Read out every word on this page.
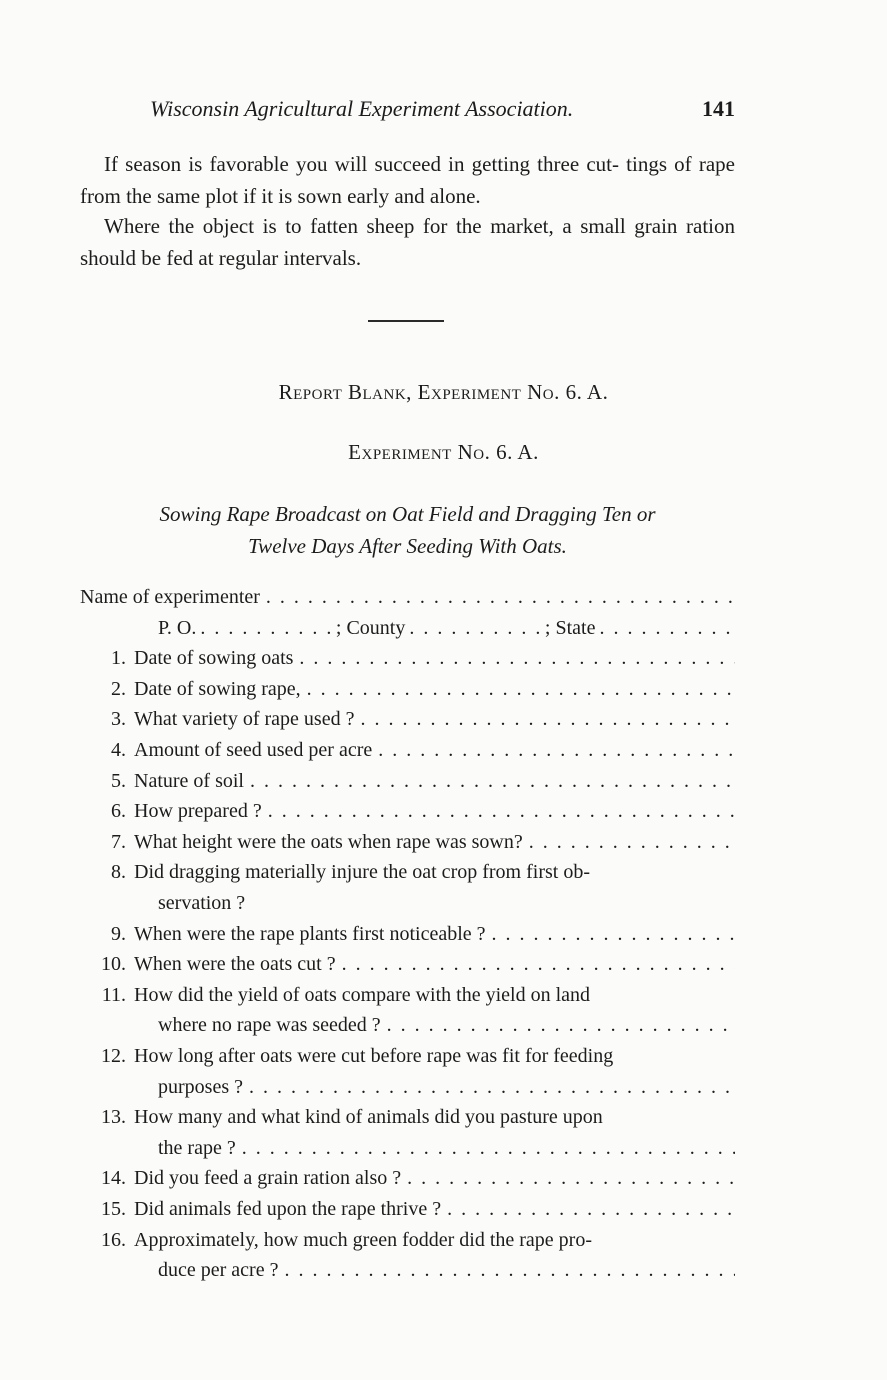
Wisconsin Agricultural Experiment Association.	141
If season is favorable you will succeed in getting three cut- tings of rape from the same plot if it is sown early and alone.
Where the object is to fatten sheep for the market, a small grain ration should be fed at regular intervals.
Report Blank, Experiment No. 6. A.
Experiment No. 6. A.
Sowing Rape Broadcast on Oat Field and Dragging Ten or
Twelve Days After Seeding With Oats.
Name of experimenter
. . .
P. O. . . .	; County . . .	; State
. . .
1. Date of sowing oats
. . .
2. Date of sowing rape,
. . .
3. What variety of rape used ?
. . .
4. Amount of seed used per acre
. . .
5. Nature of soil
. . .
6. How prepared ?
. . .
7. What height were the oats when rape was sown?
. . .
8. Did dragging materially injure the oat crop from first ob-
servation ?
9. When were the rape plants first noticeable ?
. . .
10. When were the oats cut ?
. . .
11. How did the yield of oats compare with the yield on land
where no rape was seeded ?
. . .
12. How long after oats were cut before rape was fit for feeding
purposes ?
. . .
13. How many and what kind of animals did you pasture upon
the rape ?
. . .
14. Did you feed a grain ration also ?
. . .
15. Did animals fed upon the rape thrive ?
. . .
16. Approximately, how much green fodder did the rape pro-
duce per acre ?
. . .
